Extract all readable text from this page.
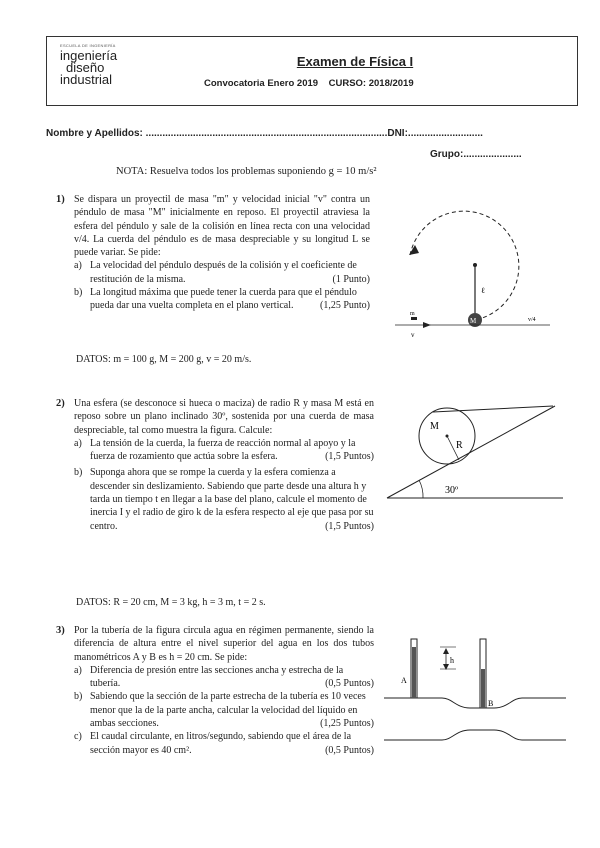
ESCUELA DE INGENIERÍA
ingeniería
diseño
industrial
Examen de Física I
Convocatoria Enero 2019 CURSO: 2018/2019
Nombre y Apellidos: .......................................................................................DNI:...........................
Grupo:.....................
NOTA: Resuelva todos los problemas suponiendo g = 10 m/s²
1) Se dispara un proyectil de masa "m" y velocidad inicial "v" contra un péndulo de masa "M" inicialmente en reposo. El proyectil atraviesa la esfera del péndulo y sale de la colisión en línea recta con una velocidad v/4. La cuerda del péndulo es de masa despreciable y su longitud L se puede variar. Se pide:
a) La velocidad del péndulo después de la colisión y el coeficiente de restitución de la misma.	(1 Punto)
b) La longitud máxima que puede tener la cuerda para que el péndulo pueda dar una vuelta completa en el plano vertical.	(1,25 Punto)
DATOS: m = 100 g, M = 200 g, v = 20 m/s.
ℓ
M
m
v
v/4
2) Una esfera (se desconoce si hueca o maciza) de radio R y masa M está en reposo sobre un plano inclinado 30º, sostenida por una cuerda de masa despreciable, tal como muestra la figura. Calcule:
a) La tensión de la cuerda, la fuerza de reacción normal al apoyo y la fuerza de rozamiento que actúa sobre la esfera.	(1,5 Puntos)
b) Suponga ahora que se rompe la cuerda y la esfera comienza a descender sin deslizamiento. Sabiendo que parte desde una altura h y tarda un tiempo t en llegar a la base del plano, calcule el momento de inercia I y el radio de giro k de la esfera respecto al eje que pasa por su centro.	(1,5 Puntos)
DATOS: R = 20 cm, M = 3 kg, h = 3 m, t = 2 s.
M
R
30º
3) Por la tubería de la figura circula agua en régimen permanente, siendo la diferencia de altura entre el nivel superior del agua en los dos tubos manométricos A y B es h = 20 cm. Se pide:
a) Diferencia de presión entre las secciones ancha y estrecha de la tubería.	(0,5 Puntos)
b) Sabiendo que la sección de la parte estrecha de la tubería es 10 veces menor que la de la parte ancha, calcular la velocidad del líquido en ambas secciones.	(1,25 Puntos)
c) El caudal circulante, en litros/segundo, sabiendo que el área de la sección mayor es 40 cm².	(0,5 Puntos)
h
A
B
